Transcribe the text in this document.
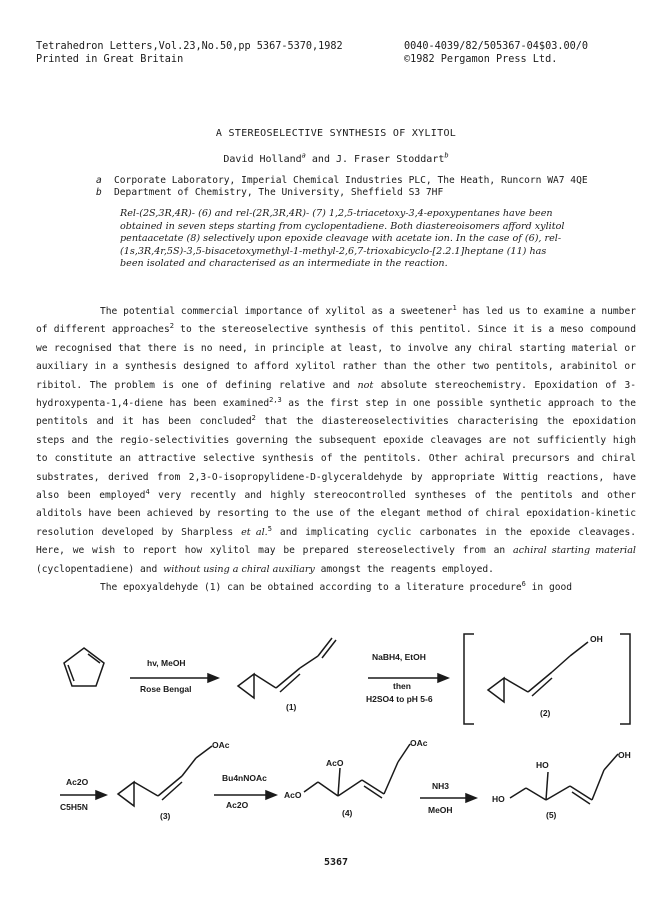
Tetrahedron Letters,Vol.23,No.50,pp 5367-5370,1982
Printed in Great Britain
0040-4039/82/505367-04$03.00/0
©1982 Pergamon Press Ltd.
A STEREOSELECTIVE SYNTHESIS OF XYLITOL
David Holland$^a$ and J. Fraser Stoddart$^b$
a Corporate Laboratory, Imperial Chemical Industries PLC, The Heath, Runcorn WA7 4QE
b Department of Chemistry, The University, Sheffield S3 7HF

Rel-(2S,3R,4R)- (6) and rel-(2R,3R,4R)- (7) 1,2,5-triacetoxy-3,4-epoxypentanes have been obtained in seven steps starting from cyclopentadiene. Both diastereoisomers afford xylitol pentaacetate (8) selectively upon epoxide cleavage with acetate ion. In the case of (6), rel-(1s,3R,4r,5S)-3,5-bisacetoxymethyl-1-methyl-2,6,7-trioxabicyclo-[2.2.1]heptane (11) has been isolated and characterised as an intermediate in the reaction.

The potential commercial importance of xylitol as a sweetener$^1$ has led us to examine a number of different approaches$^2$ to the stereoselective synthesis of this pentitol. Since it is a meso compound we recognised that there is no need, in principle at least, to involve any chiral starting material or auxiliary in a synthesis designed to afford xylitol rather than the other two pentitols, arabinitol or ribitol. The problem is one of defining relative and not absolute stereochemistry. Epoxidation of 3-hydroxypenta-1,4-diene has been examined$^{2,3}$ as the first step in one possible synthetic approach to the pentitols and it has been concluded$^2$ that the diastereoselectivities characterising the epoxidation steps and the regio-selectivities governing the subsequent epoxide cleavages are not sufficiently high to constitute an attractive selective synthesis of the pentitols. Other achiral precursors and chiral substrates, derived from 2,3-O-isopropylidene-D-glyceraldehyde by appropriate Wittig reactions, have also been employed$^4$ very recently and highly stereocontrolled syntheses of the pentitols and other alditols have been achieved by resorting to the use of the elegant method of chiral epoxidation-kinetic resolution developed by Sharpless et al.$^5$ and implicating cyclic carbonates in the epoxide cleavages. Here, we wish to report how xylitol may be prepared stereoselectively from an achiral starting material (cyclopentadiene) and without using a chiral auxiliary amongst the reagents employed.

The epoxyaldehyde (1) can be obtained according to a literature procedure$^6$ in good

hv, MeOH
Rose Bengal
(1)
NaBH4, EtOH
then
H2SO4 to pH 5-6
OH
(2)
Ac2O
C5H5N
OAc
(3)
Bu4nNOAc
Ac2O
OAc
AcO
AcO
(4)
NH3
MeOH
OH
HO
HO
(5)
5367
